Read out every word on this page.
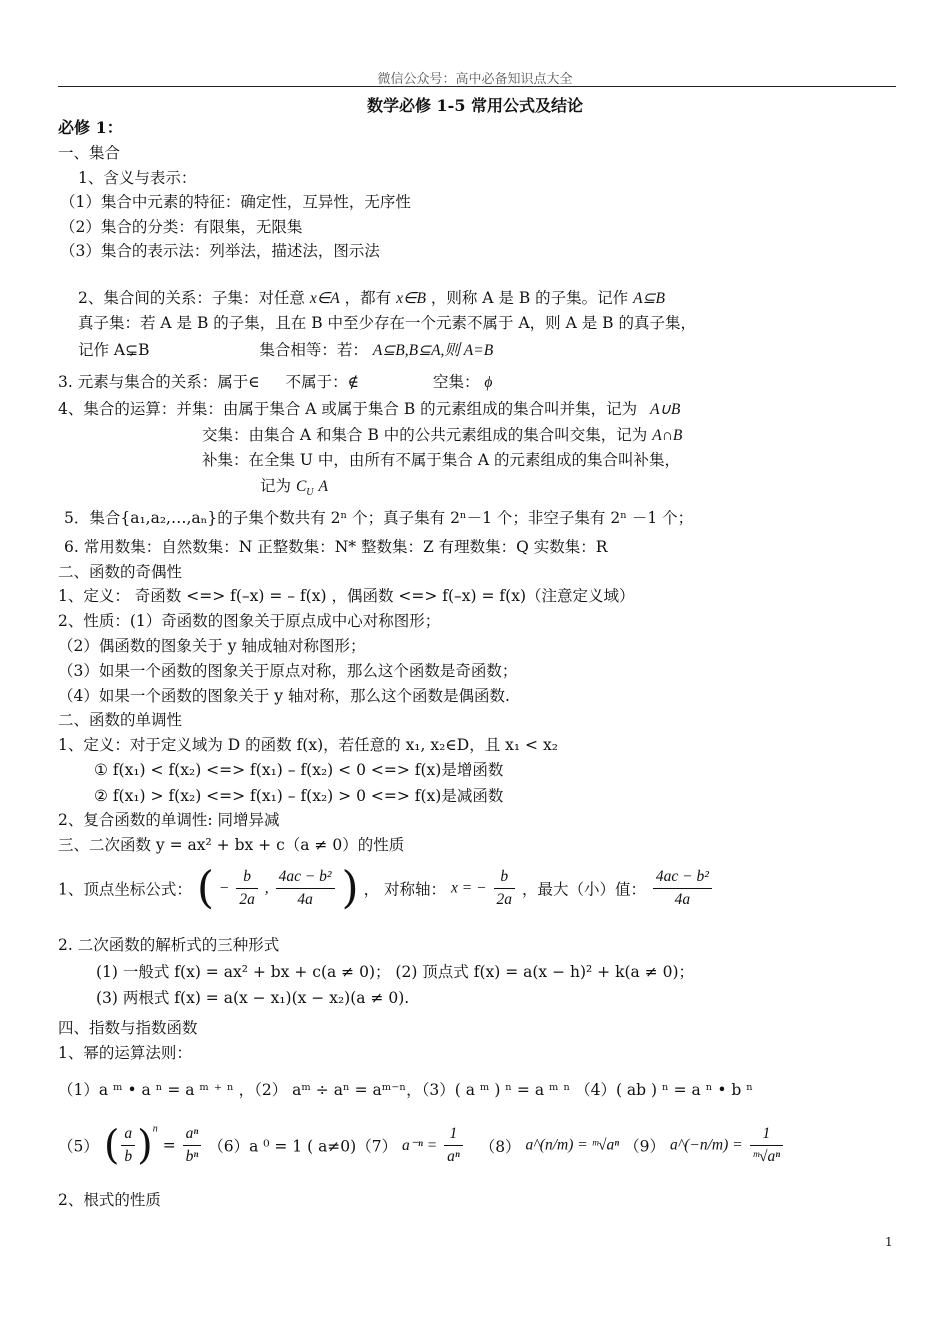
微信公众号：高中必备知识点大全
数学必修 1-5 常用公式及结论
必修 1：
一、集合
1、含义与表示：
（1）集合中元素的特征：确定性，互异性，无序性
（2）集合的分类：有限集，无限集
（3）集合的表示法：列举法，描述法，图示法
2、集合间的关系：子集：对任意 x∈A ，都有 x∈B ，则称 A 是 B 的子集。记作 A⊆B
真子集：若 A 是 B 的子集，且在 B 中至少存在一个元素不属于 A，则 A 是 B 的真子集，
记作 A⊊B	集合相等：若： A⊆B,B⊆A,则 A=B
3. 元素与集合的关系：属于∈ 不属于：∉	空集： ϕ
4、集合的运算：并集：由属于集合 A 或属于集合 B 的元素组成的集合叫并集，记为 A∪B
交集：由集合 A 和集合 B 中的公共元素组成的集合叫交集，记为 A∩B
补集：在全集 U 中，由所有不属于集合 A 的元素组成的集合叫补集，
记为 $C_U$ A
5．集合{a₁,a₂,…,aₙ}的子集个数共有 2ⁿ 个；真子集有 2ⁿ－1 个；非空子集有 2ⁿ －1 个；
6. 常用数集：自然数集：N 正整数集：N* 整数集：Z 有理数集：Q 实数集：R
二、函数的奇偶性
1、定义： 奇函数 <=> f(–x) = – f(x) ，偶函数 <=> f(–x) = f(x)（注意定义域）
2、性质：(1）奇函数的图象关于原点成中心对称图形；
（2）偶函数的图象关于 y 轴成轴对称图形；
（3）如果一个函数的图象关于原点对称，那么这个函数是奇函数；
（4）如果一个函数的图象关于 y 轴对称，那么这个函数是偶函数.
二、函数的单调性
1、定义：对于定义域为 D 的函数 f(x)，若任意的 x₁, x₂∈D，且 x₁ < x₂
① f(x₁) < f(x₂) <=> f(x₁) – f(x₂) < 0 <=> f(x)是增函数
② f(x₁) > f(x₂) <=> f(x₁) – f(x₂) > 0 <=> f(x)是减函数
2、复合函数的单调性: 同增异减
三、二次函数 y = ax² + bx + c（a ≠ 0）的性质
1、顶点坐标公式： ( − $\frac{b}{2a}$ , $\frac{\text{4ac − b²}}{4a}$ ) ， 对称轴： x = − $\frac{b}{2a}$ ，最大（小）值： $\frac{\text{4ac − b²}}{4a}$
2. 二次函数的解析式的三种形式
(1) 一般式 f(x) = ax² + bx + c(a ≠ 0)； (2) 顶点式 f(x) = a(x − h)² + k(a ≠ 0)；
(3) 两根式 f(x) = a(x − x₁)(x − x₂)(a ≠ 0).
四、指数与指数函数
1、幂的运算法则：
（1）a ᵐ • a ⁿ = a ᵐ ⁺ ⁿ ，（2） aᵐ ÷ aⁿ = aᵐ⁻ⁿ，（3）( a ᵐ ) ⁿ = a ᵐ ⁿ （4）( ab ) ⁿ = a ⁿ • b ⁿ
（5） ( $\frac{a}{b} )^n = \frac{\text{aⁿ}}{\text{bⁿ}} (6)a$ ⁰ = 1 ( a≠0)（7） $a^{-n} = \frac{1}{\text{aⁿ}} (8)$ a^(n/m) = ᵐ√aⁿ （9） a^(−n/m) = $\frac{1}{\text{ᵐ√aⁿ}}$
2、根式的性质
1
